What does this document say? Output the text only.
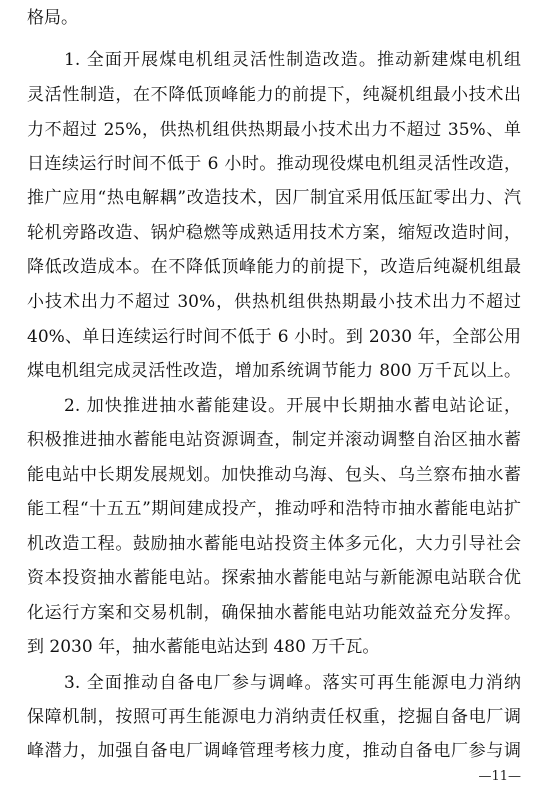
格局。
1. 全面开展煤电机组灵活性制造改造。推动新建煤电机组
灵活性制造，在不降低顶峰能力的前提下，纯凝机组最小技术出
力不超过 25%，供热机组供热期最小技术出力不超过 35%、单
日连续运行时间不低于 6 小时。推动现役煤电机组灵活性改造，
推广应用“热电解耦”改造技术，因厂制宜采用低压缸零出力、汽
轮机旁路改造、锅炉稳燃等成熟适用技术方案，缩短改造时间，
降低改造成本。在不降低顶峰能力的前提下，改造后纯凝机组最
小技术出力不超过 30%，供热机组供热期最小技术出力不超过
40%、单日连续运行时间不低于 6 小时。到 2030 年，全部公用
煤电机组完成灵活性改造，增加系统调节能力 800 万千瓦以上。
2. 加快推进抽水蓄能建设。开展中长期抽水蓄电站论证，
积极推进抽水蓄能电站资源调查，制定并滚动调整自治区抽水蓄
能电站中长期发展规划。加快推动乌海、包头、乌兰察布抽水蓄
能工程“十五五”期间建成投产，推动呼和浩特市抽水蓄能电站扩
机改造工程。鼓励抽水蓄能电站投资主体多元化，大力引导社会
资本投资抽水蓄能电站。探索抽水蓄能电站与新能源电站联合优
化运行方案和交易机制，确保抽水蓄能电站功能效益充分发挥。
到 2030 年，抽水蓄能电站达到 480 万千瓦。
3. 全面推动自备电厂参与调峰。落实可再生能源电力消纳
保障机制，按照可再生能源电力消纳责任权重，挖掘自备电厂调
峰潜力，加强自备电厂调峰管理考核力度，推动自备电厂参与调
—11—
